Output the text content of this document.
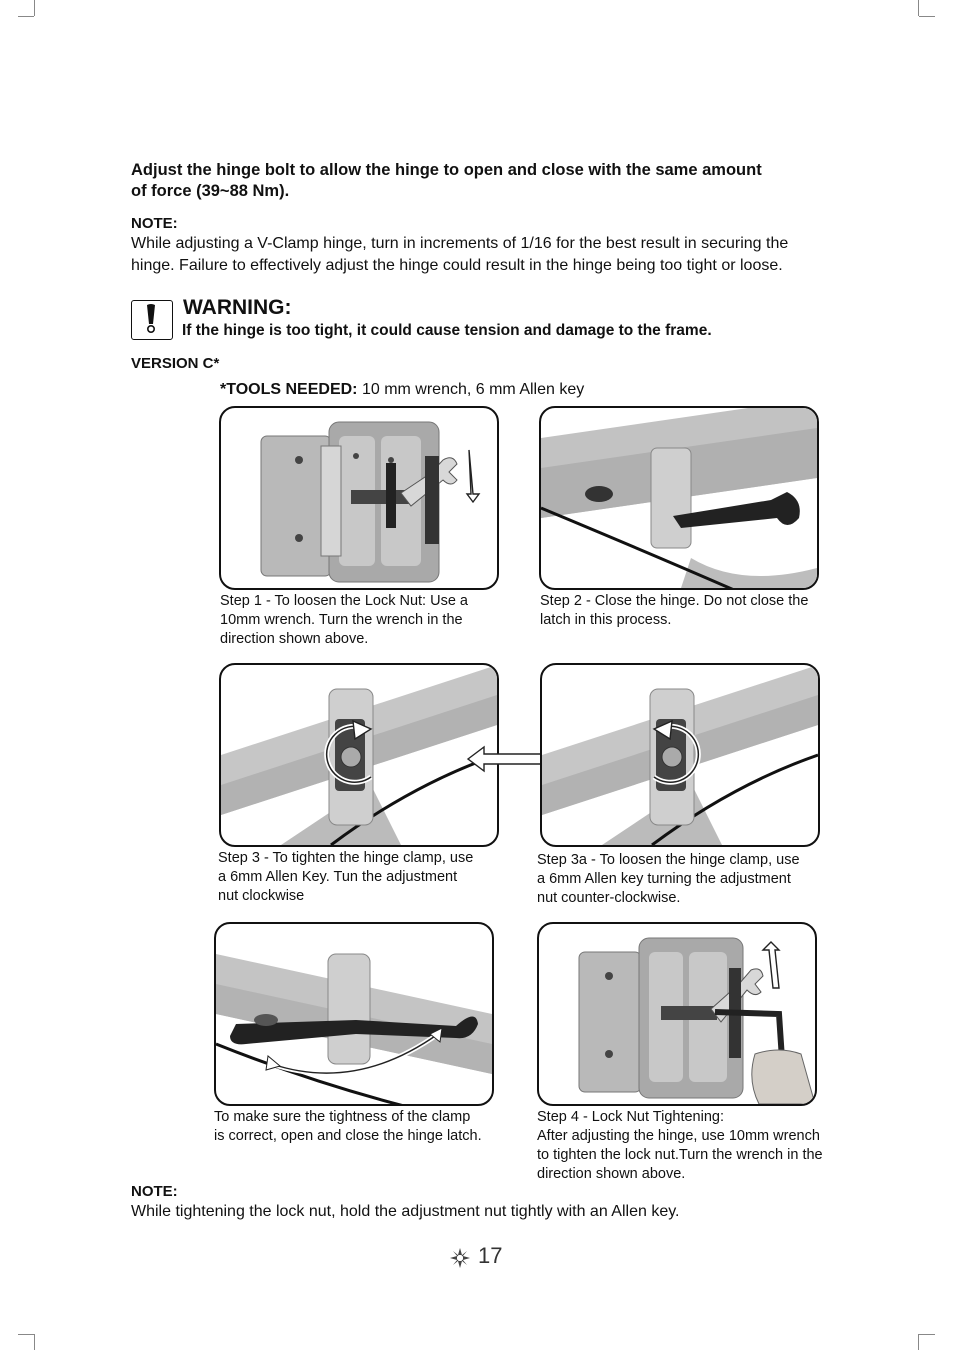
Adjust the hinge bolt to allow the hinge to open and close with the same amount
of force (39~88 Nm).
NOTE:
While adjusting a V-Clamp hinge, turn in increments of 1/16 for the best result in securing the
hinge. Failure to effectively adjust the hinge could result in the hinge being too tight or loose.
WARNING:
If the hinge is too tight, it could cause tension and damage to the frame.
VERSION C*
*TOOLS NEEDED: 10 mm wrench, 6 mm Allen key
Step 1 - To loosen the Lock Nut: Use a
10mm wrench. Turn the wrench in the
direction shown above.
Step 2 - Close the hinge. Do not close the
latch in this process.
Step 3 - To tighten the hinge clamp, use
a 6mm Allen Key. Tun the adjustment
nut clockwise
Step 3a - To loosen the hinge clamp, use
a 6mm Allen key turning the adjustment
nut counter-clockwise.
To make sure the tightness of the clamp
is correct, open and close the hinge latch.
Step 4 - Lock Nut Tightening:
After adjusting the hinge, use 10mm wrench
to tighten the lock nut.Turn the wrench in the
direction shown above.
NOTE:
While tightening the lock nut, hold the adjustment nut tightly with an Allen key.
17
